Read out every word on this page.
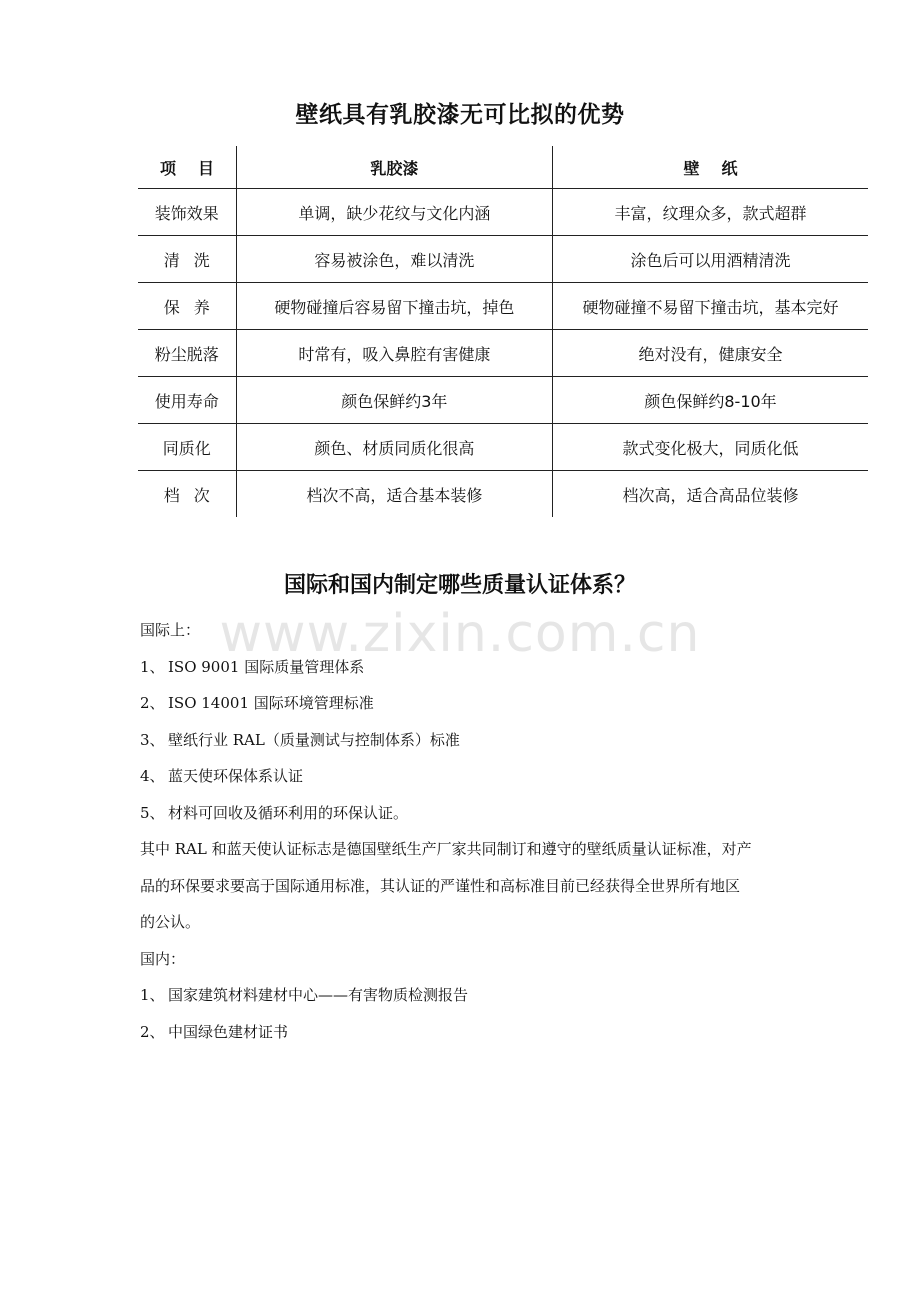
壁纸具有乳胶漆无可比拟的优势
项目	乳胶漆	壁纸
装饰效果	单调，缺少花纹与文化内涵	丰富，纹理众多，款式超群
清洗	容易被涂色，难以清洗	涂色后可以用酒精清洗
保养	硬物碰撞后容易留下撞击坑，掉色	硬物碰撞不易留下撞击坑，基本完好
粉尘脱落	时常有，吸入鼻腔有害健康	绝对没有，健康安全
使用寿命	颜色保鲜约3年	颜色保鲜约8-10年
同质化	颜色、材质同质化很高	款式变化极大，同质化低
档次	档次不高，适合基本装修	档次高，适合高品位装修
www.zixin.com.cn
国际和国内制定哪些质量认证体系？

国际上：

1、 ISO 9001 国际质量管理体系

2、 ISO 14001 国际环境管理标准

3、 壁纸行业 RAL（质量测试与控制体系）标准

4、 蓝天使环保体系认证

5、 材料可回收及循环利用的环保认证。

其中 RAL 和蓝天使认证标志是德国壁纸生产厂家共同制订和遵守的壁纸质量认证标准，对产

品的环保要求要高于国际通用标准，其认证的严谨性和高标准目前已经获得全世界所有地区

的公认。

国内：

1、 国家建筑材料建材中心——有害物质检测报告

2、 中国绿色建材证书
